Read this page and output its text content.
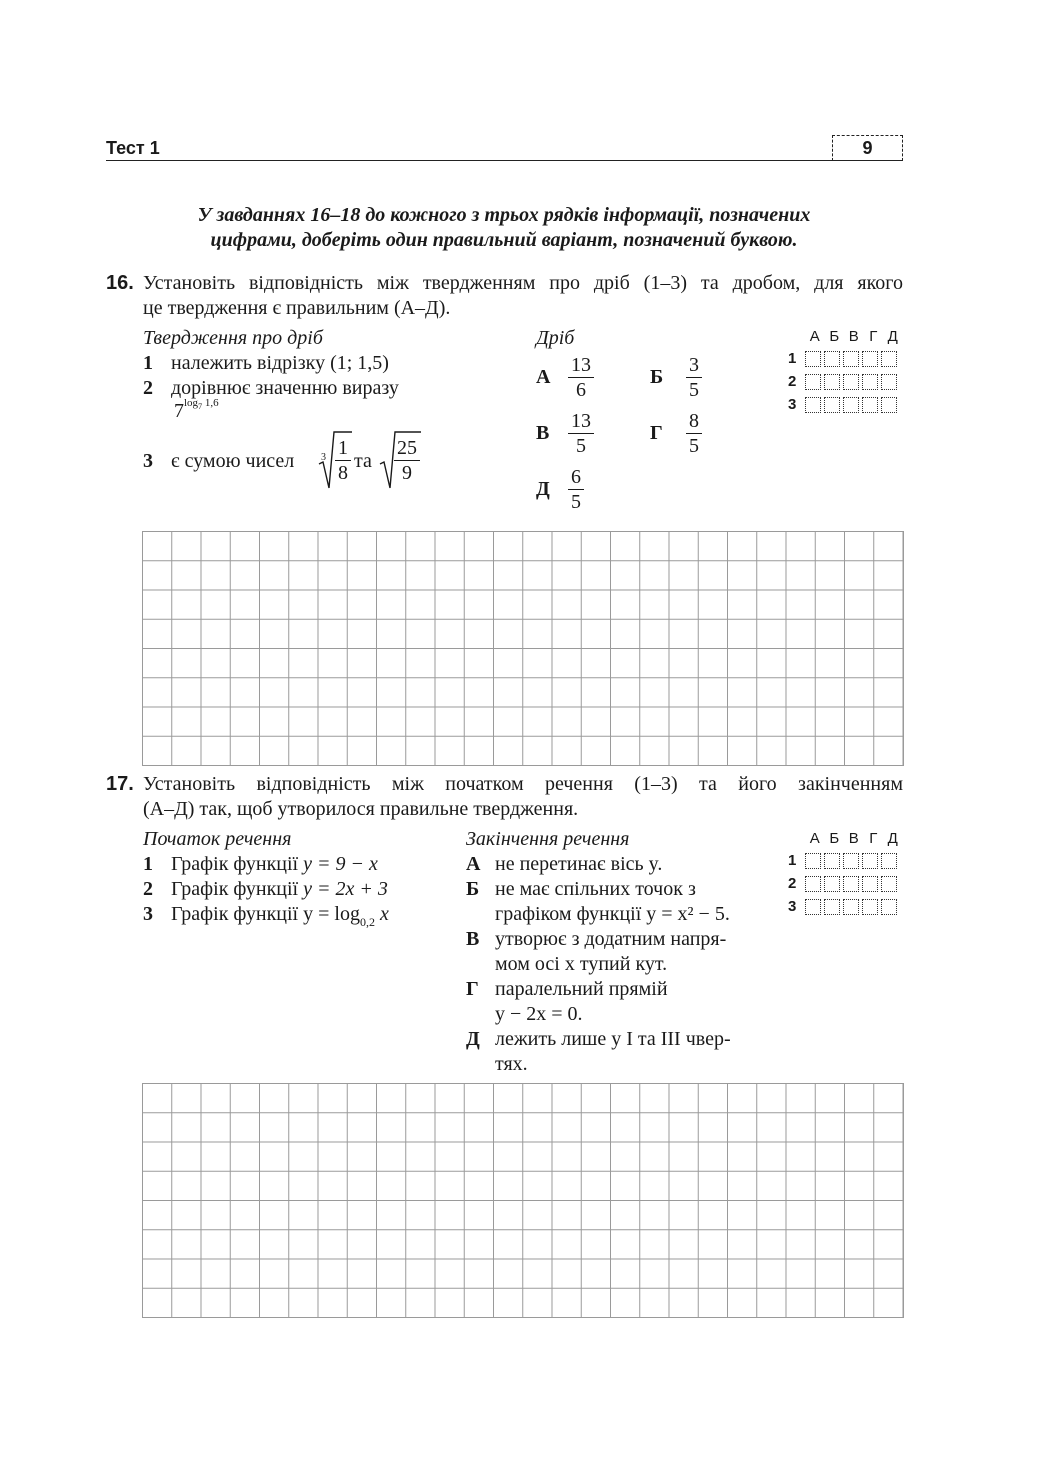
Тест 1	9
У завданнях 16–18 до кожного з трьох рядків інформації, позначених
цифрами, доберіть один правильний варіант, позначений буквою.
16. Установіть відповідність між твердженням про дріб (1–3) та дробом, для якого
це твердження є правильним (А–Д).
Твердження про дріб
1 належить відрізку (1; 1,5)
2 дорівнює значенню виразу
$7^{log_7 1,6}$
3 є сумою чисел	$3 \frac{1}{8}$ та $\frac{25}{9}$
Дріб
А $\frac{13}{6}$	Б $\frac{3}{5}$
В $\frac{13}{5}$	Г $\frac{8}{5}$
Д $\frac{6}{5}$
А Б В Г Д
1
2
3
17. Установіть відповідність між початком речення (1–3) та його закінченням
(А–Д) так, щоб утворилося правильне твердження.
Початок речення
1 Графік функції y = 9 − x
2 Графік функції y = 2x + 3
3 Графік функції $y = \log_{0,2} x$
Закінчення речення
А не перетинає вісь y.
Б не має спільних точок з
графіком функції y = x² − 5.
В утворює з додатним напря-
мом осі x тупий кут.
Г паралельний прямій
y − 2x = 0.
Д лежить лише у I та III чвер-
тях.
А Б В Г Д
1
2
3
